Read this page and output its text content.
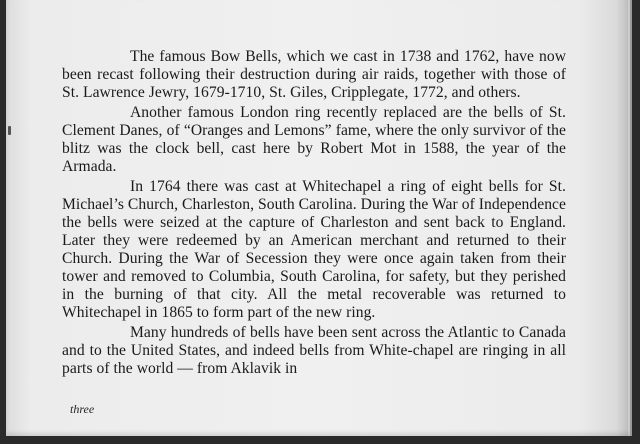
The famous Bow Bells, which we cast in 1738 and 1762, have now been recast following their destruction during air raids, together with those of St. Lawrence Jewry, 1679-1710, St. Giles, Cripplegate, 1772, and others.

Another famous London ring recently replaced are the bells of St. Clement Danes, of “Oranges and Lemons” fame, where the only survivor of the blitz was the clock bell, cast here by Robert Mot in 1588, the year of the Armada.

In 1764 there was cast at Whitechapel a ring of eight bells for St. Michael’s Church, Charleston, South Carolina. During the War of Independence the bells were seized at the capture of Charleston and sent back to England. Later they were redeemed by an American merchant and returned to their Church. During the War of Secession they were once again taken from their tower and removed to Columbia, South Carolina, for safety, but they perished in the burning of that city. All the metal recoverable was returned to Whitechapel in 1865 to form part of the new ring.

Many hundreds of bells have been sent across the Atlantic to Canada and to the United States, and indeed bells from White-chapel are ringing in all parts of the world — from Aklavik in

three
